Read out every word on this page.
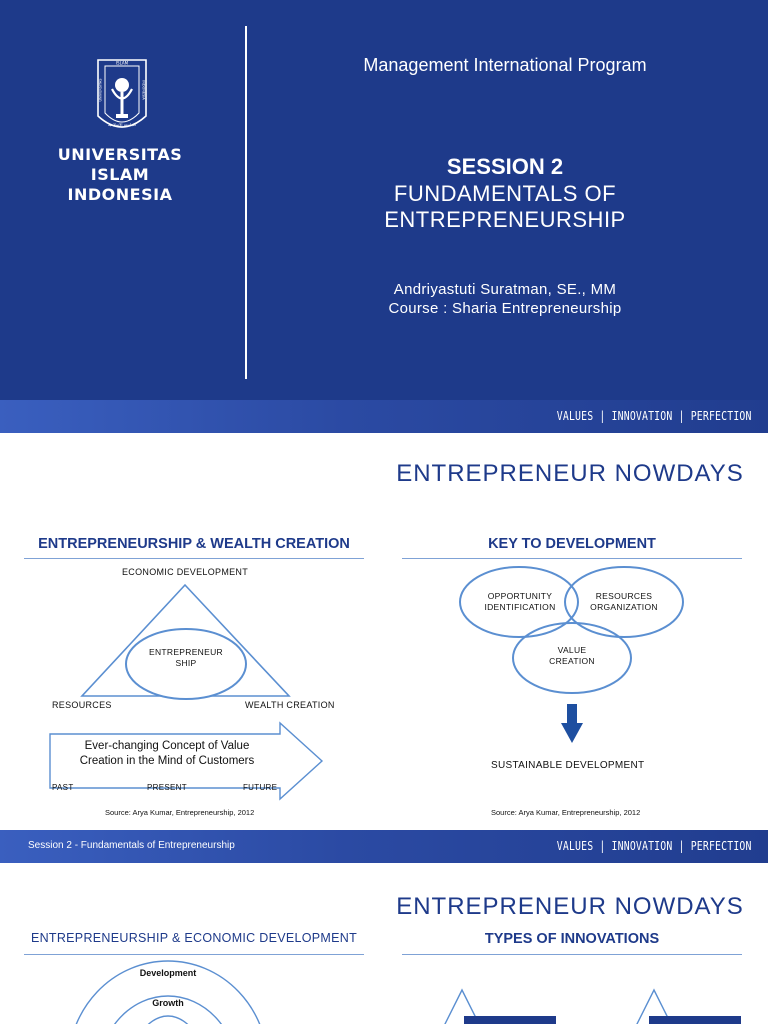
ISLAM
UNIVERSITAS	INDONESIA
الجامعة الإسلامية
UNIVERSITAS
ISLAM
INDONESIA
Management International Program
SESSION 2
FUNDAMENTALS OF
ENTREPRENEURSHIP
Andriyastuti Suratman, SE., MM
Course : Sharia Entrepreneurship
VALUES | INNOVATION | PERFECTION
ENTREPRENEUR NOWDAYS
ENTREPRENEURSHIP & WEALTH CREATION
ECONOMIC DEVELOPMENT
ENTREPRENEUR
SHIP
RESOURCES	WEALTH CREATION
Ever-changing Concept of Value
Creation in the Mind of Customers
PAST	PRESENT	FUTURE
Source: Arya Kumar, Entrepreneurship, 2012
KEY TO DEVELOPMENT
OPPORTUNITY
IDENTIFICATION
RESOURCES
ORGANIZATION
VALUE
CREATION
SUSTAINABLE DEVELOPMENT
Source: Arya Kumar, Entrepreneurship, 2012
Session 2 - Fundamentals of Entrepreneurship	VALUES | INNOVATION | PERFECTION
ENTREPRENEUR NOWDAYS
ENTREPRENEURSHIP & ECONOMIC DEVELOPMENT	TYPES OF INNOVATIONS
Development
Growth
